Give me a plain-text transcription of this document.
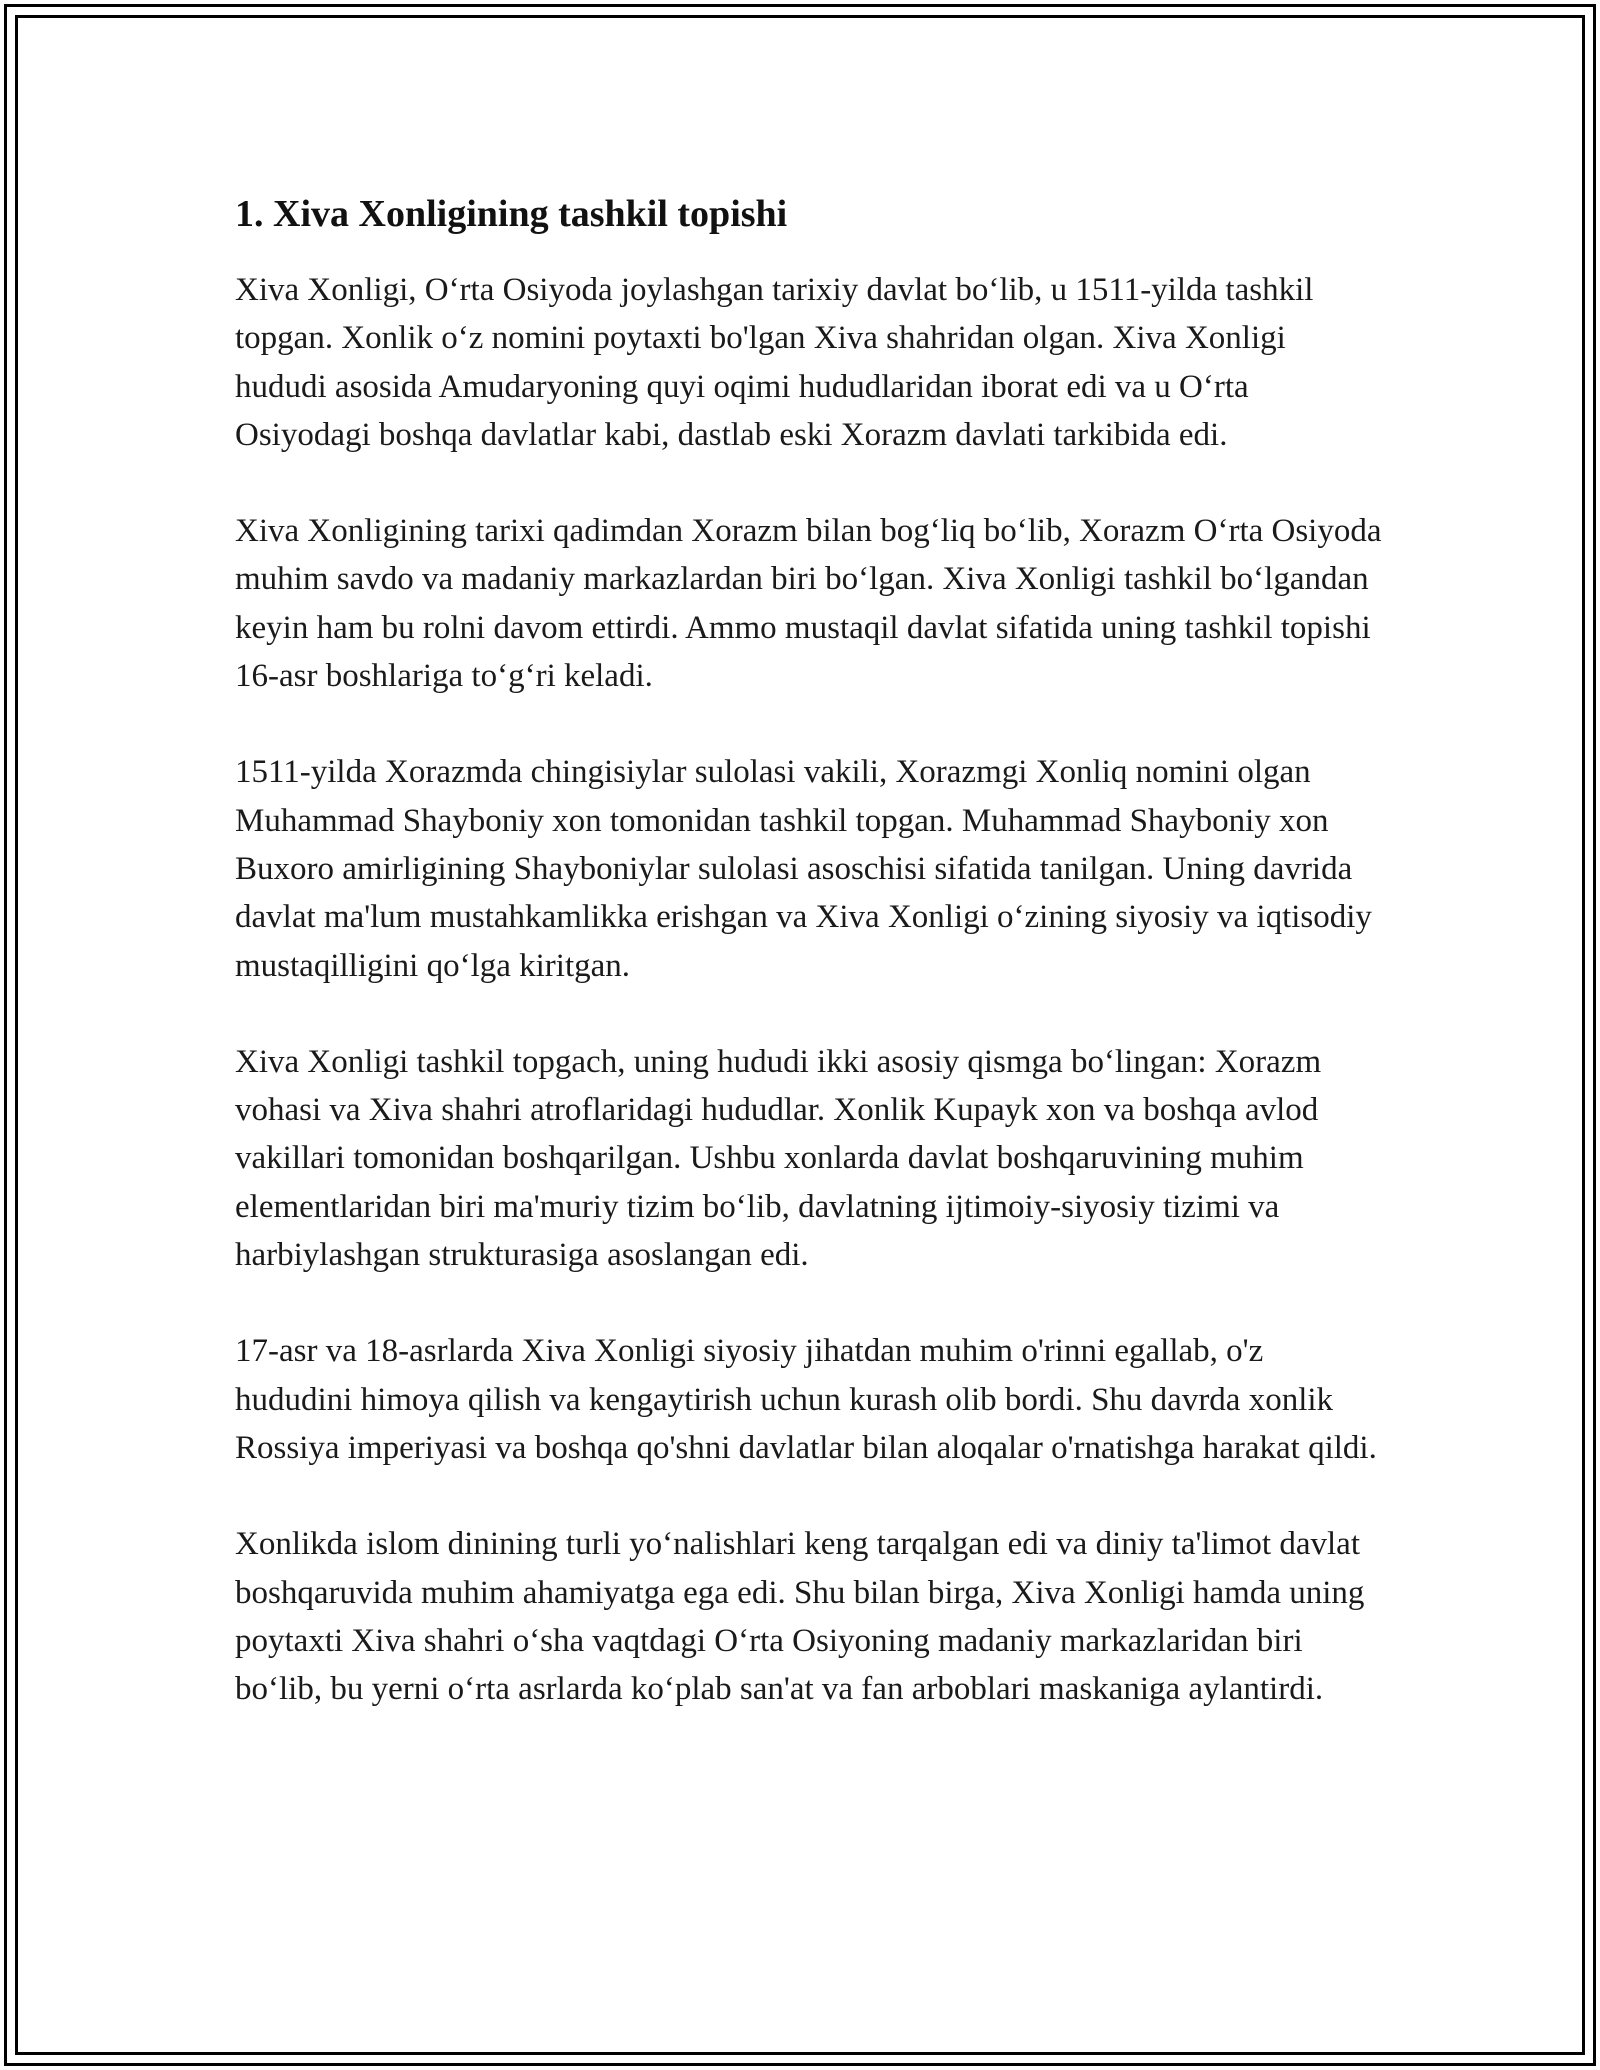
1. Xiva Xonligining tashkil topishi

Xiva Xonligi, O‘rta Osiyoda joylashgan tarixiy davlat bo‘lib, u 1511-yilda tashkil topgan. Xonlik o‘z nomini poytaxti bo'lgan Xiva shahridan olgan. Xiva Xonligi hududi asosida Amudaryoning quyi oqimi hududlaridan iborat edi va u O‘rta Osiyodagi boshqa davlatlar kabi, dastlab eski Xorazm davlati tarkibida edi.

Xiva Xonligining tarixi qadimdan Xorazm bilan bog‘liq bo‘lib, Xorazm O‘rta Osiyoda muhim savdo va madaniy markazlardan biri bo‘lgan. Xiva Xonligi tashkil bo‘lgandan keyin ham bu rolni davom ettirdi. Ammo mustaqil davlat sifatida uning tashkil topishi 16-asr boshlariga to‘g‘ri keladi.

1511-yilda Xorazmda chingisiylar sulolasi vakili, Xorazmgi Xonliq nomini olgan Muhammad Shayboniy xon tomonidan tashkil topgan. Muhammad Shayboniy xon Buxoro amirligining Shayboniylar sulolasi asoschisi sifatida tanilgan. Uning davrida davlat ma'lum mustahkamlikka erishgan va Xiva Xonligi o‘zining siyosiy va iqtisodiy mustaqilligini qo‘lga kiritgan.

Xiva Xonligi tashkil topgach, uning hududi ikki asosiy qismga bo‘lingan: Xorazm vohasi va Xiva shahri atroflaridagi hududlar. Xonlik Kupayk xon va boshqa avlod vakillari tomonidan boshqarilgan. Ushbu xonlarda davlat boshqaruvining muhim elementlaridan biri ma'muriy tizim bo‘lib, davlatning ijtimoiy-siyosiy tizimi va harbiylashgan strukturasiga asoslangan edi.

17-asr va 18-asrlarda Xiva Xonligi siyosiy jihatdan muhim o'rinni egallab, o'z hududini himoya qilish va kengaytirish uchun kurash olib bordi. Shu davrda xonlik Rossiya imperiyasi va boshqa qo'shni davlatlar bilan aloqalar o'rnatishga harakat qildi.

Xonlikda islom dinining turli yo‘nalishlari keng tarqalgan edi va diniy ta'limot davlat boshqaruvida muhim ahamiyatga ega edi. Shu bilan birga, Xiva Xonligi hamda uning poytaxti Xiva shahri o‘sha vaqtdagi O‘rta Osiyoning madaniy markazlaridan biri bo‘lib, bu yerni o‘rta asrlarda ko‘plab san'at va fan arboblari maskaniga aylantirdi.
